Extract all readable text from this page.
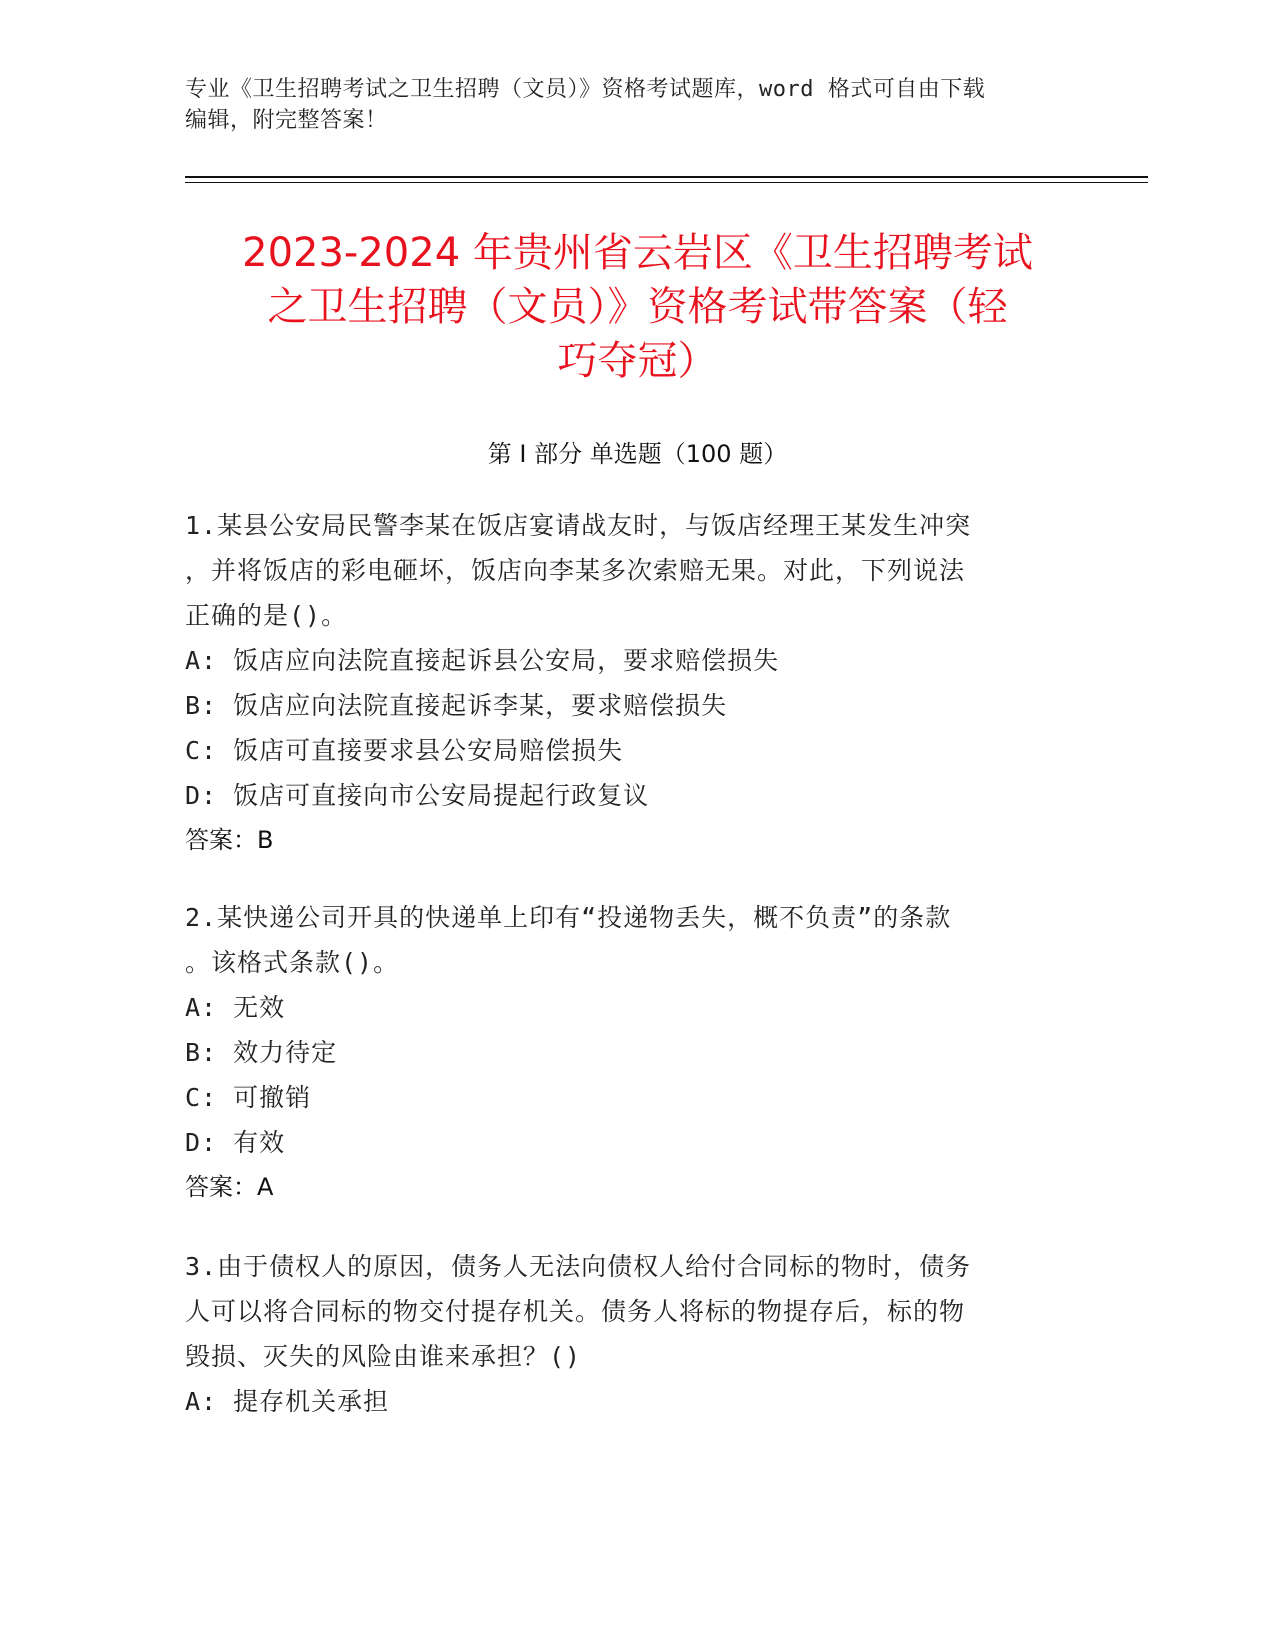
专业《卫生招聘考试之卫生招聘（文员）》资格考试题库，word 格式可自由下载
编辑，附完整答案！
2023-2024 年贵州省云岩区《卫生招聘考试
之卫生招聘（文员）》资格考试带答案（轻
巧夺冠）
第 I 部分 单选题（100 题）
1.某县公安局民警李某在饭店宴请战友时，与饭店经理王某发生冲突
，并将饭店的彩电砸坏，饭店向李某多次索赔无果。对此，下列说法
正确的是()。
A: 饭店应向法院直接起诉县公安局，要求赔偿损失
B: 饭店应向法院直接起诉李某，要求赔偿损失
C: 饭店可直接要求县公安局赔偿损失
D: 饭店可直接向市公安局提起行政复议
答案：B
2.某快递公司开具的快递单上印有“投递物丢失，概不负责”的条款
。该格式条款()。
A: 无效
B: 效力待定
C: 可撤销
D: 有效
答案：A
3.由于债权人的原因，债务人无法向债权人给付合同标的物时，债务
人可以将合同标的物交付提存机关。债务人将标的物提存后，标的物
毁损、灭失的风险由谁来承担？()
A: 提存机关承担
